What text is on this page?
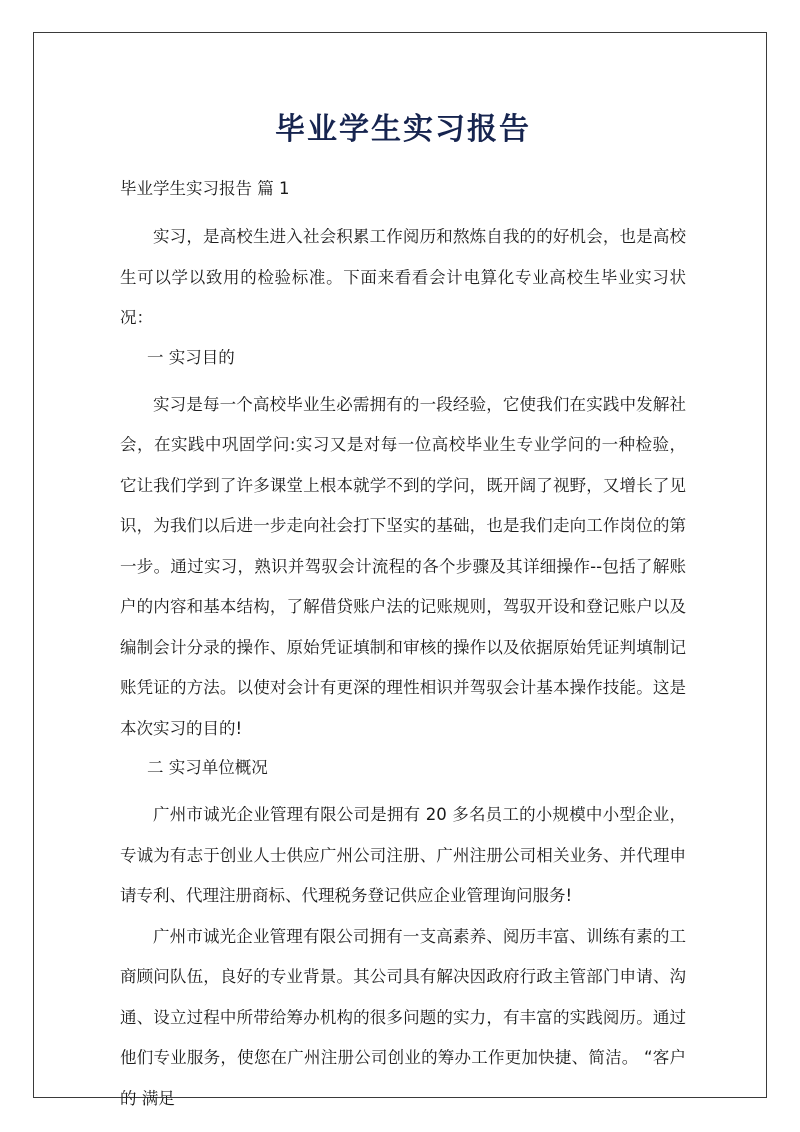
毕业学生实习报告

毕业学生实习报告 篇 1

实习，是高校生进入社会积累工作阅历和熬炼自我的的好机会，也是高校生可以学以致用的检验标准。下面来看看会计电算化专业高校生毕业实习状况：

一 实习目的

实习是每一个高校毕业生必需拥有的一段经验，它使我们在实践中发解社会，在实践中巩固学问:实习又是对每一位高校毕业生专业学问的一种检验，它让我们学到了许多课堂上根本就学不到的学问，既开阔了视野，又增长了见识，为我们以后进一步走向社会打下坚实的基础，也是我们走向工作岗位的第一步。通过实习，熟识并驾驭会计流程的各个步骤及其详细操作--包括了解账户的内容和基本结构，了解借贷账户法的记账规则，驾驭开设和登记账户以及编制会计分录的操作、原始凭证填制和审核的操作以及依据原始凭证判填制记账凭证的方法。以使对会计有更深的理性相识并驾驭会计基本操作技能。这是本次实习的目的!

二 实习单位概况

广州市诚光企业管理有限公司是拥有 20 多名员工的小规模中小型企业，专诚为有志于创业人士供应广州公司注册、广州注册公司相关业务、并代理申请专利、代理注册商标、代理税务登记供应企业管理询问服务!

广州市诚光企业管理有限公司拥有一支高素养、阅历丰富、训练有素的工商顾问队伍，良好的专业背景。其公司具有解决因政府行政主管部门申请、沟通、设立过程中所带给筹办机构的很多问题的实力，有丰富的实践阅历。通过他们专业服务，使您在广州注册公司创业的筹办工作更加快捷、简洁。 “客户的 满足
